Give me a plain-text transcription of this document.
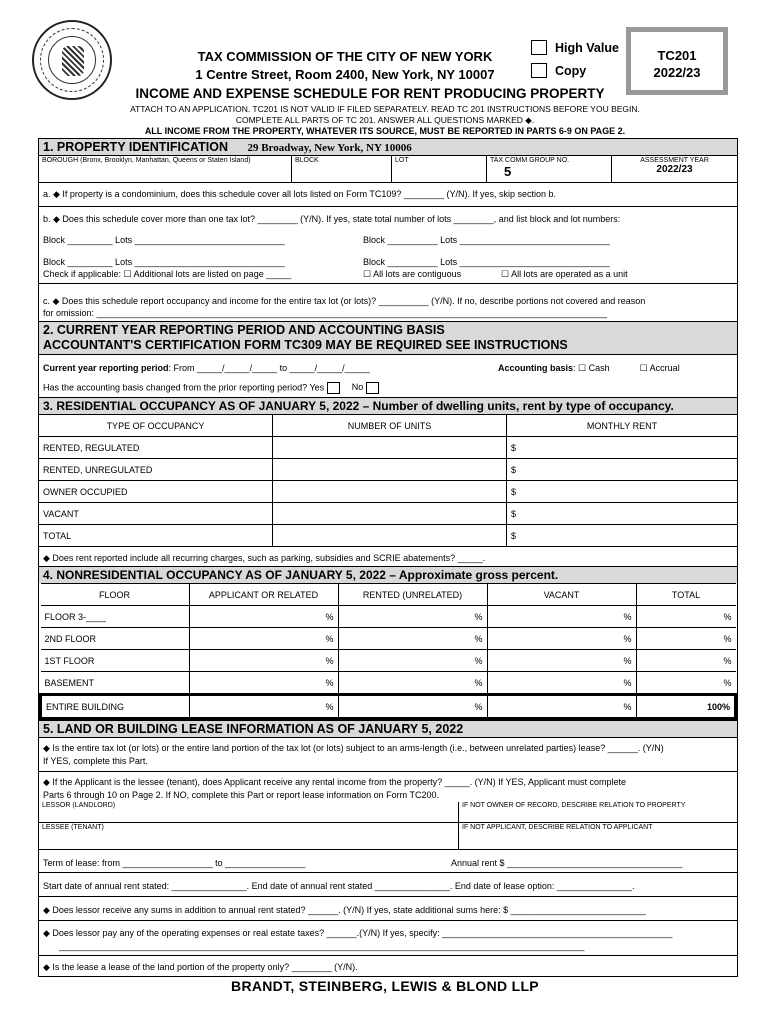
TAX COMMISSION OF THE CITY OF NEW YORK
1 Centre Street, Room 2400, New York, NY 10007
High Value
Copy
TC201
2022/23
INCOME AND EXPENSE SCHEDULE FOR RENT PRODUCING PROPERTY
ATTACH TO AN APPLICATION. TC201 IS NOT VALID IF FILED SEPARATELY. READ TC 201 INSTRUCTIONS BEFORE YOU BEGIN.
COMPLETE ALL PARTS OF TC 201. ANSWER ALL QUESTIONS MARKED ◆.
ALL INCOME FROM THE PROPERTY, WHATEVER ITS SOURCE, MUST BE REPORTED IN PARTS 6-9 ON PAGE 2.
1. PROPERTY IDENTIFICATION 29 Broadway, New York, NY 10006
BOROUGH (Bronx, Brooklyn, Manhattan, Queens or Staten Island)	BLOCK	LOT	TAX COMM GROUP NO.
5
ASSESSMENT YEAR
2022/23
a. ◆ If property is a condominium, does this schedule cover all lots listed on Form TC109? ________ (Y/N). If yes, skip section b.
b. ◆ Does this schedule cover more than one tax lot? ________ (Y/N). If yes, state total number of lots ________, and list block and lot numbers:
Block _________ Lots ______________________________	Block __________ Lots ______________________________
Block _________ Lots ______________________________	Block __________ Lots ______________________________
Check if applicable: ☐ Additional lots are listed on page _____	☐ All lots are contiguous	☐ All lots are operated as a unit
c. ◆ Does this schedule report occupancy and income for the entire tax lot (or lots)? __________ (Y/N). If no, describe portions not covered and reason
for omission: ______________________________________________________________________________________________________
2. CURRENT YEAR REPORTING PERIOD AND ACCOUNTING BASIS
ACCOUNTANT'S CERTIFICATION FORM TC309 MAY BE REQUIRED SEE INSTRUCTIONS
Current year reporting period: From _____/_____/_____ to _____/_____/_____	Accounting basis: ☐ Cash	☐ Accrual
Has the accounting basis changed from the prior reporting period? Yes	No
3. RESIDENTIAL OCCUPANCY AS OF JANUARY 5, 2022 – Number of dwelling units, rent by type of occupancy.
TYPE OF OCCUPANCY	NUMBER OF UNITS	MONTHLY RENT
RENTED, REGULATED		$
RENTED, UNREGULATED		$
OWNER OCCUPIED		$
VACANT		$
TOTAL		$
◆ Does rent reported include all recurring charges, such as parking, subsidies and SCRIE abatements? _____.
4. NONRESIDENTIAL OCCUPANCY AS OF JANUARY 5, 2022 – Approximate gross percent.
FLOOR	APPLICANT OR RELATED	RENTED (UNRELATED)	VACANT	TOTAL
FLOOR 3-____	%	%	%	%
2ND FLOOR	%	%	%	%
1ST FLOOR	%	%	%	%
BASEMENT	%	%	%	%
ENTIRE BUILDING	%	%	%	100%
5. LAND OR BUILDING LEASE INFORMATION AS OF JANUARY 5, 2022
◆ Is the entire tax lot (or lots) or the entire land portion of the tax lot (or lots) subject to an arms-length (i.e., between unrelated parties) lease? ______. (Y/N)
If YES, complete this Part.
◆ If the Applicant is the lessee (tenant), does Applicant receive any rental income from the property? _____. (Y/N) If YES, Applicant must complete
Parts 6 through 10 on Page 2. If NO, complete this Part or report lease information on Form TC200.
LESSOR (LANDLORD)	IF NOT OWNER OF RECORD, DESCRIBE RELATION TO PROPERTY
LESSEE (TENANT)	IF NOT APPLICANT, DESCRIBE RELATION TO APPLICANT
Term of lease: from __________________ to ________________	Annual rent $ ___________________________________
Start date of annual rent stated: _______________. End date of annual rent stated _______________. End date of lease option: _______________.
◆ Does lessor receive any sums in addition to annual rent stated? ______. (Y/N) If yes, state additional sums here: $ ___________________________
◆ Does lessor pay any of the operating expenses or real estate taxes? ______.(Y/N) If yes, specify: ______________________________________________
_________________________________________________________________________________________________________
◆ Is the lease a lease of the land portion of the property only? ________ (Y/N).
BRANDT, STEINBERG, LEWIS & BLOND LLP
